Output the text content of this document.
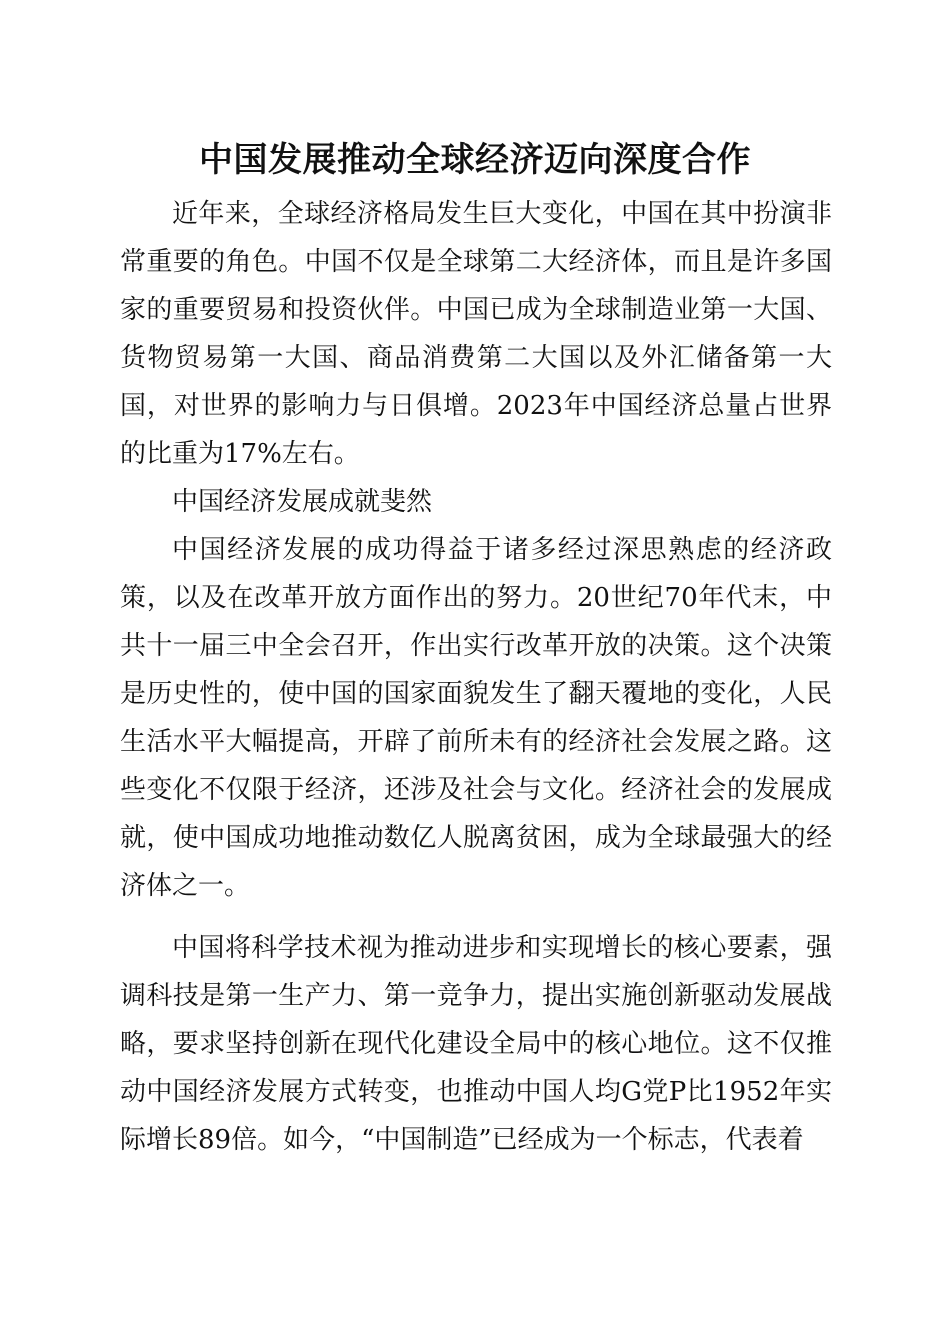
中国发展推动全球经济迈向深度合作

近年来，全球经济格局发生巨大变化，中国在其中扮演非常重要的角色。中国不仅是全球第二大经济体，而且是许多国家的重要贸易和投资伙伴。中国已成为全球制造业第一大国、货物贸易第一大国、商品消费第二大国以及外汇储备第一大国，对世界的影响力与日俱增。2023年中国经济总量占世界的比重为17%左右。

中国经济发展成就斐然

中国经济发展的成功得益于诸多经过深思熟虑的经济政策，以及在改革开放方面作出的努力。20世纪70年代末，中共十一届三中全会召开，作出实行改革开放的决策。这个决策是历史性的，使中国的国家面貌发生了翻天覆地的变化，人民生活水平大幅提高，开辟了前所未有的经济社会发展之路。这些变化不仅限于经济，还涉及社会与文化。经济社会的发展成就，使中国成功地推动数亿人脱离贫困，成为全球最强大的经济体之一。

中国将科学技术视为推动进步和实现增长的核心要素，强调科技是第一生产力、第一竞争力，提出实施创新驱动发展战略，要求坚持创新在现代化建设全局中的核心地位。这不仅推动中国经济发展方式转变，也推动中国人均G党P比1952年实际增长89倍。如今，“中国制造”已经成为一个标志，代表着
